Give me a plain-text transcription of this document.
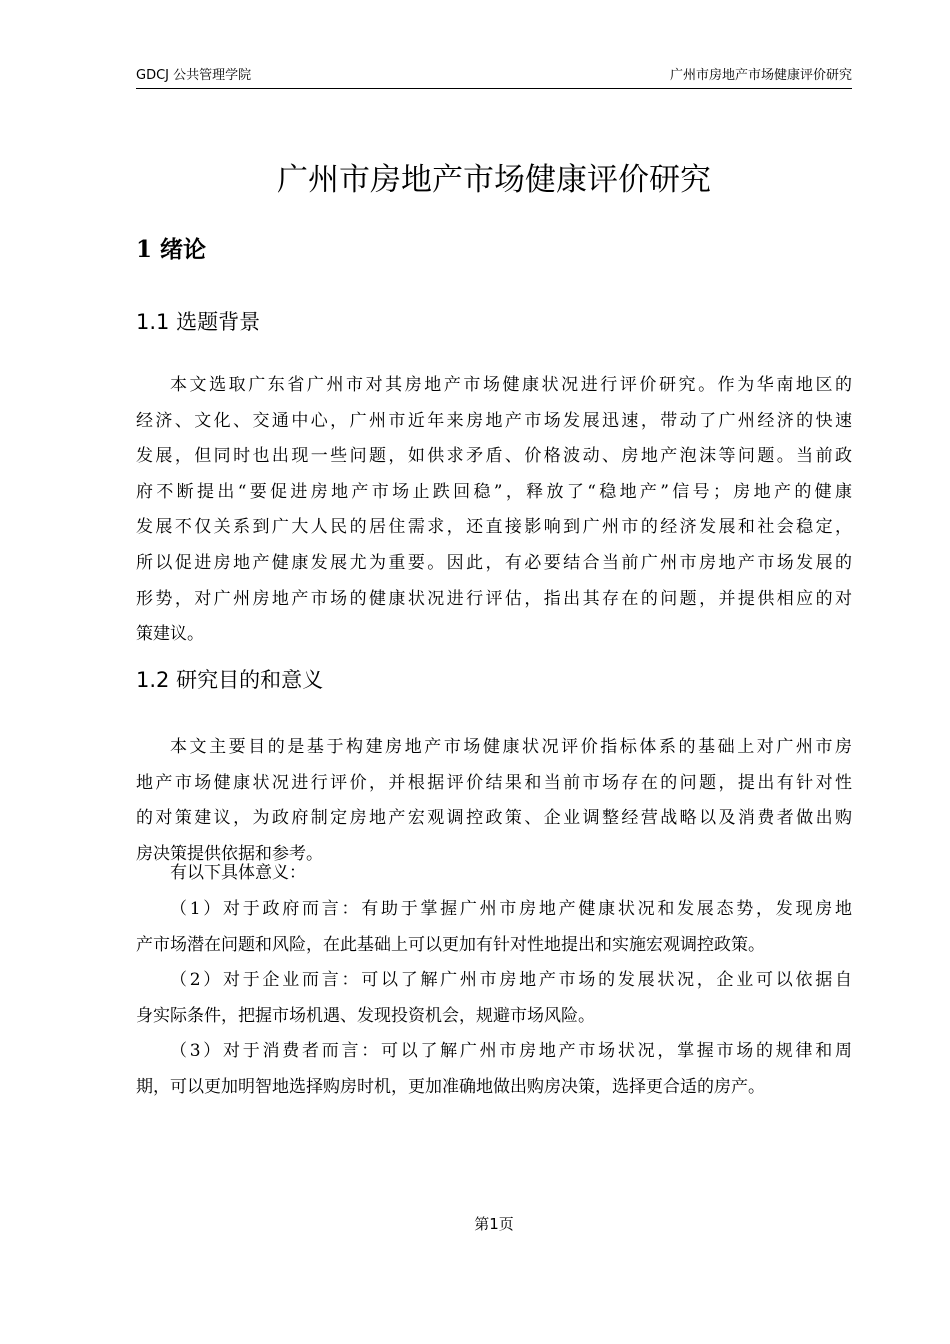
GDCJ 公共管理学院	广州市房地产市场健康评价研究
广州市房地产市场健康评价研究
1 绪论
1.1 选题背景

本文选取广东省广州市对其房地产市场健康状况进行评价研究。作为华南地区的
经济、文化、交通中心，广州市近年来房地产市场发展迅速，带动了广州经济的快速
发展，但同时也出现一些问题，如供求矛盾、价格波动、房地产泡沫等问题。当前政
府不断提出“要促进房地产市场止跌回稳”，释放了“稳地产”信号；房地产的健康
发展不仅关系到广大人民的居住需求，还直接影响到广州市的经济发展和社会稳定，
所以促进房地产健康发展尤为重要。因此，有必要结合当前广州市房地产市场发展的
形势，对广州房地产市场的健康状况进行评估，指出其存在的问题，并提供相应的对
策建议。

1.2 研究目的和意义

本文主要目的是基于构建房地产市场健康状况评价指标体系的基础上对广州市房
地产市场健康状况进行评价，并根据评价结果和当前市场存在的问题，提出有针对性
的对策建议，为政府制定房地产宏观调控政策、企业调整经营战略以及消费者做出购
房决策提供依据和参考。

有以下具体意义：

（1）对于政府而言：有助于掌握广州市房地产健康状况和发展态势，发现房地
产市场潜在问题和风险，在此基础上可以更加有针对性地提出和实施宏观调控政策。

（2）对于企业而言：可以了解广州市房地产市场的发展状况，企业可以依据自
身实际条件，把握市场机遇、发现投资机会，规避市场风险。

（3）对于消费者而言：可以了解广州市房地产市场状况，掌握市场的规律和周
期，可以更加明智地选择购房时机，更加准确地做出购房决策，选择更合适的房产。

第1页
